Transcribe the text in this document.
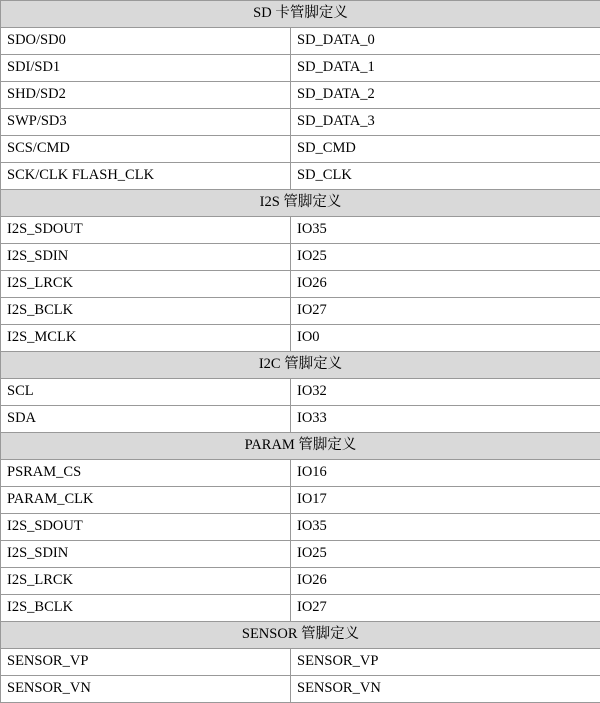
SD 卡管脚定义	
SDO/SD0	SD_DATA_0
SDI/SD1	SD_DATA_1
SHD/SD2	SD_DATA_2
SWP/SD3	SD_DATA_3
SCS/CMD	SD_CMD
SCK/CLK FLASH_CLK	SD_CLK
I2S 管脚定义	
I2S_SDOUT	IO35
I2S_SDIN	IO25
I2S_LRCK	IO26
I2S_BCLK	IO27
I2S_MCLK	IO0
I2C 管脚定义	
SCL	IO32
SDA	IO33
PARAM 管脚定义	
PSRAM_CS	IO16
PARAM_CLK	IO17
I2S_SDOUT	IO35
I2S_SDIN	IO25
I2S_LRCK	IO26
I2S_BCLK	IO27
SENSOR 管脚定义	
SENSOR_VP	SENSOR_VP
SENSOR_VN	SENSOR_VN
